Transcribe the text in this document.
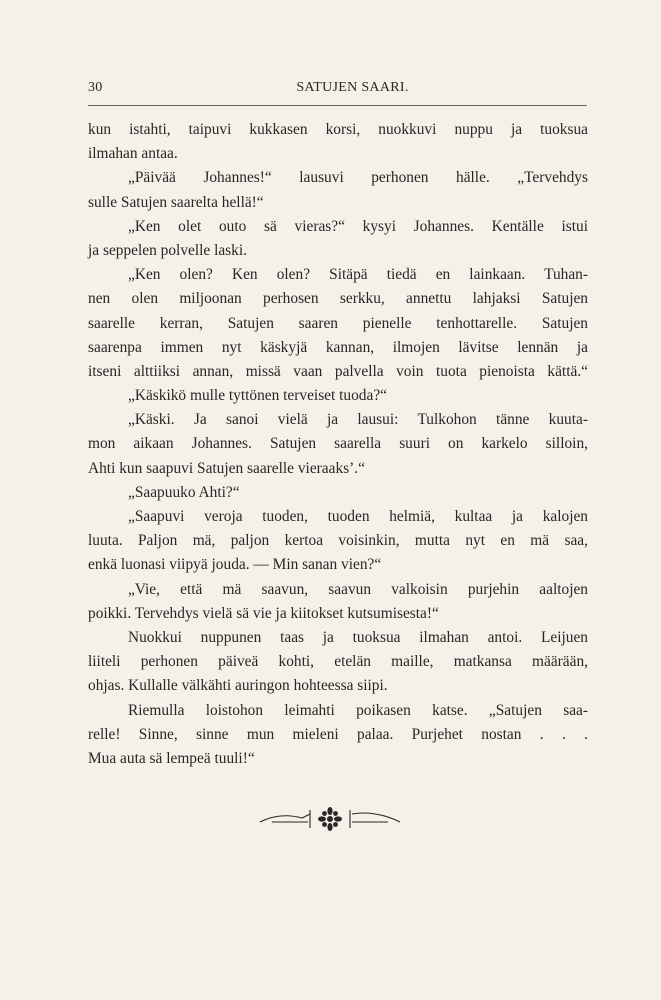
30	SATUJEN SAARI.
kun istahti, taipuvi kukkasen korsi, nuokkuvi nuppu ja tuoksua
ilmahan antaa.
„Päivää Johannes!“ lausuvi perhonen hälle. „Tervehdys
sulle Satujen saarelta hellä!“
„Ken olet outo sä vieras?“ kysyi Johannes. Kentälle istui
ja seppelen polvelle laski.
„Ken olen? Ken olen? Sitäpä tiedä en lainkaan. Tuhan-
nen olen miljoonan perhosen serkku, annettu lahjaksi Satujen
saarelle kerran, Satujen saaren pienelle tenhottarelle. Satujen
saarenpa immen nyt käskyjä kannan, ilmojen lävitse lennän ja
itseni alttiiksi annan, missä vaan palvella voin tuota pienoista kättä.“
„Käskikö mulle tyttönen terveiset tuoda?“
„Käski. Ja sanoi vielä ja lausui: Tulkohon tänne kuuta-
mon aikaan Johannes. Satujen saarella suuri on karkelo silloin,
Ahti kun saapuvi Satujen saarelle vieraaks’.“
„Saapuuko Ahti?“
„Saapuvi veroja tuoden, tuoden helmiä, kultaa ja kalojen
luuta. Paljon mä, paljon kertoa voisinkin, mutta nyt en mä saa,
enkä luonasi viipyä jouda. — Min sanan vien?“
„Vie, että mä saavun, saavun valkoisin purjehin aaltojen
poikki. Tervehdys vielä sä vie ja kiitokset kutsumisesta!“
Nuokkui nuppunen taas ja tuoksua ilmahan antoi. Leijuen
liiteli perhonen päiveä kohti, etelän maille, matkansa määrään,
ohjas. Kullalle välkähti auringon hohteessa siipi.
Riemulla loistohon leimahti poikasen katse. „Satujen saa-
relle! Sinne, sinne mun mieleni palaa. Purjehet nostan . . .
Mua auta sä lempeä tuuli!“
